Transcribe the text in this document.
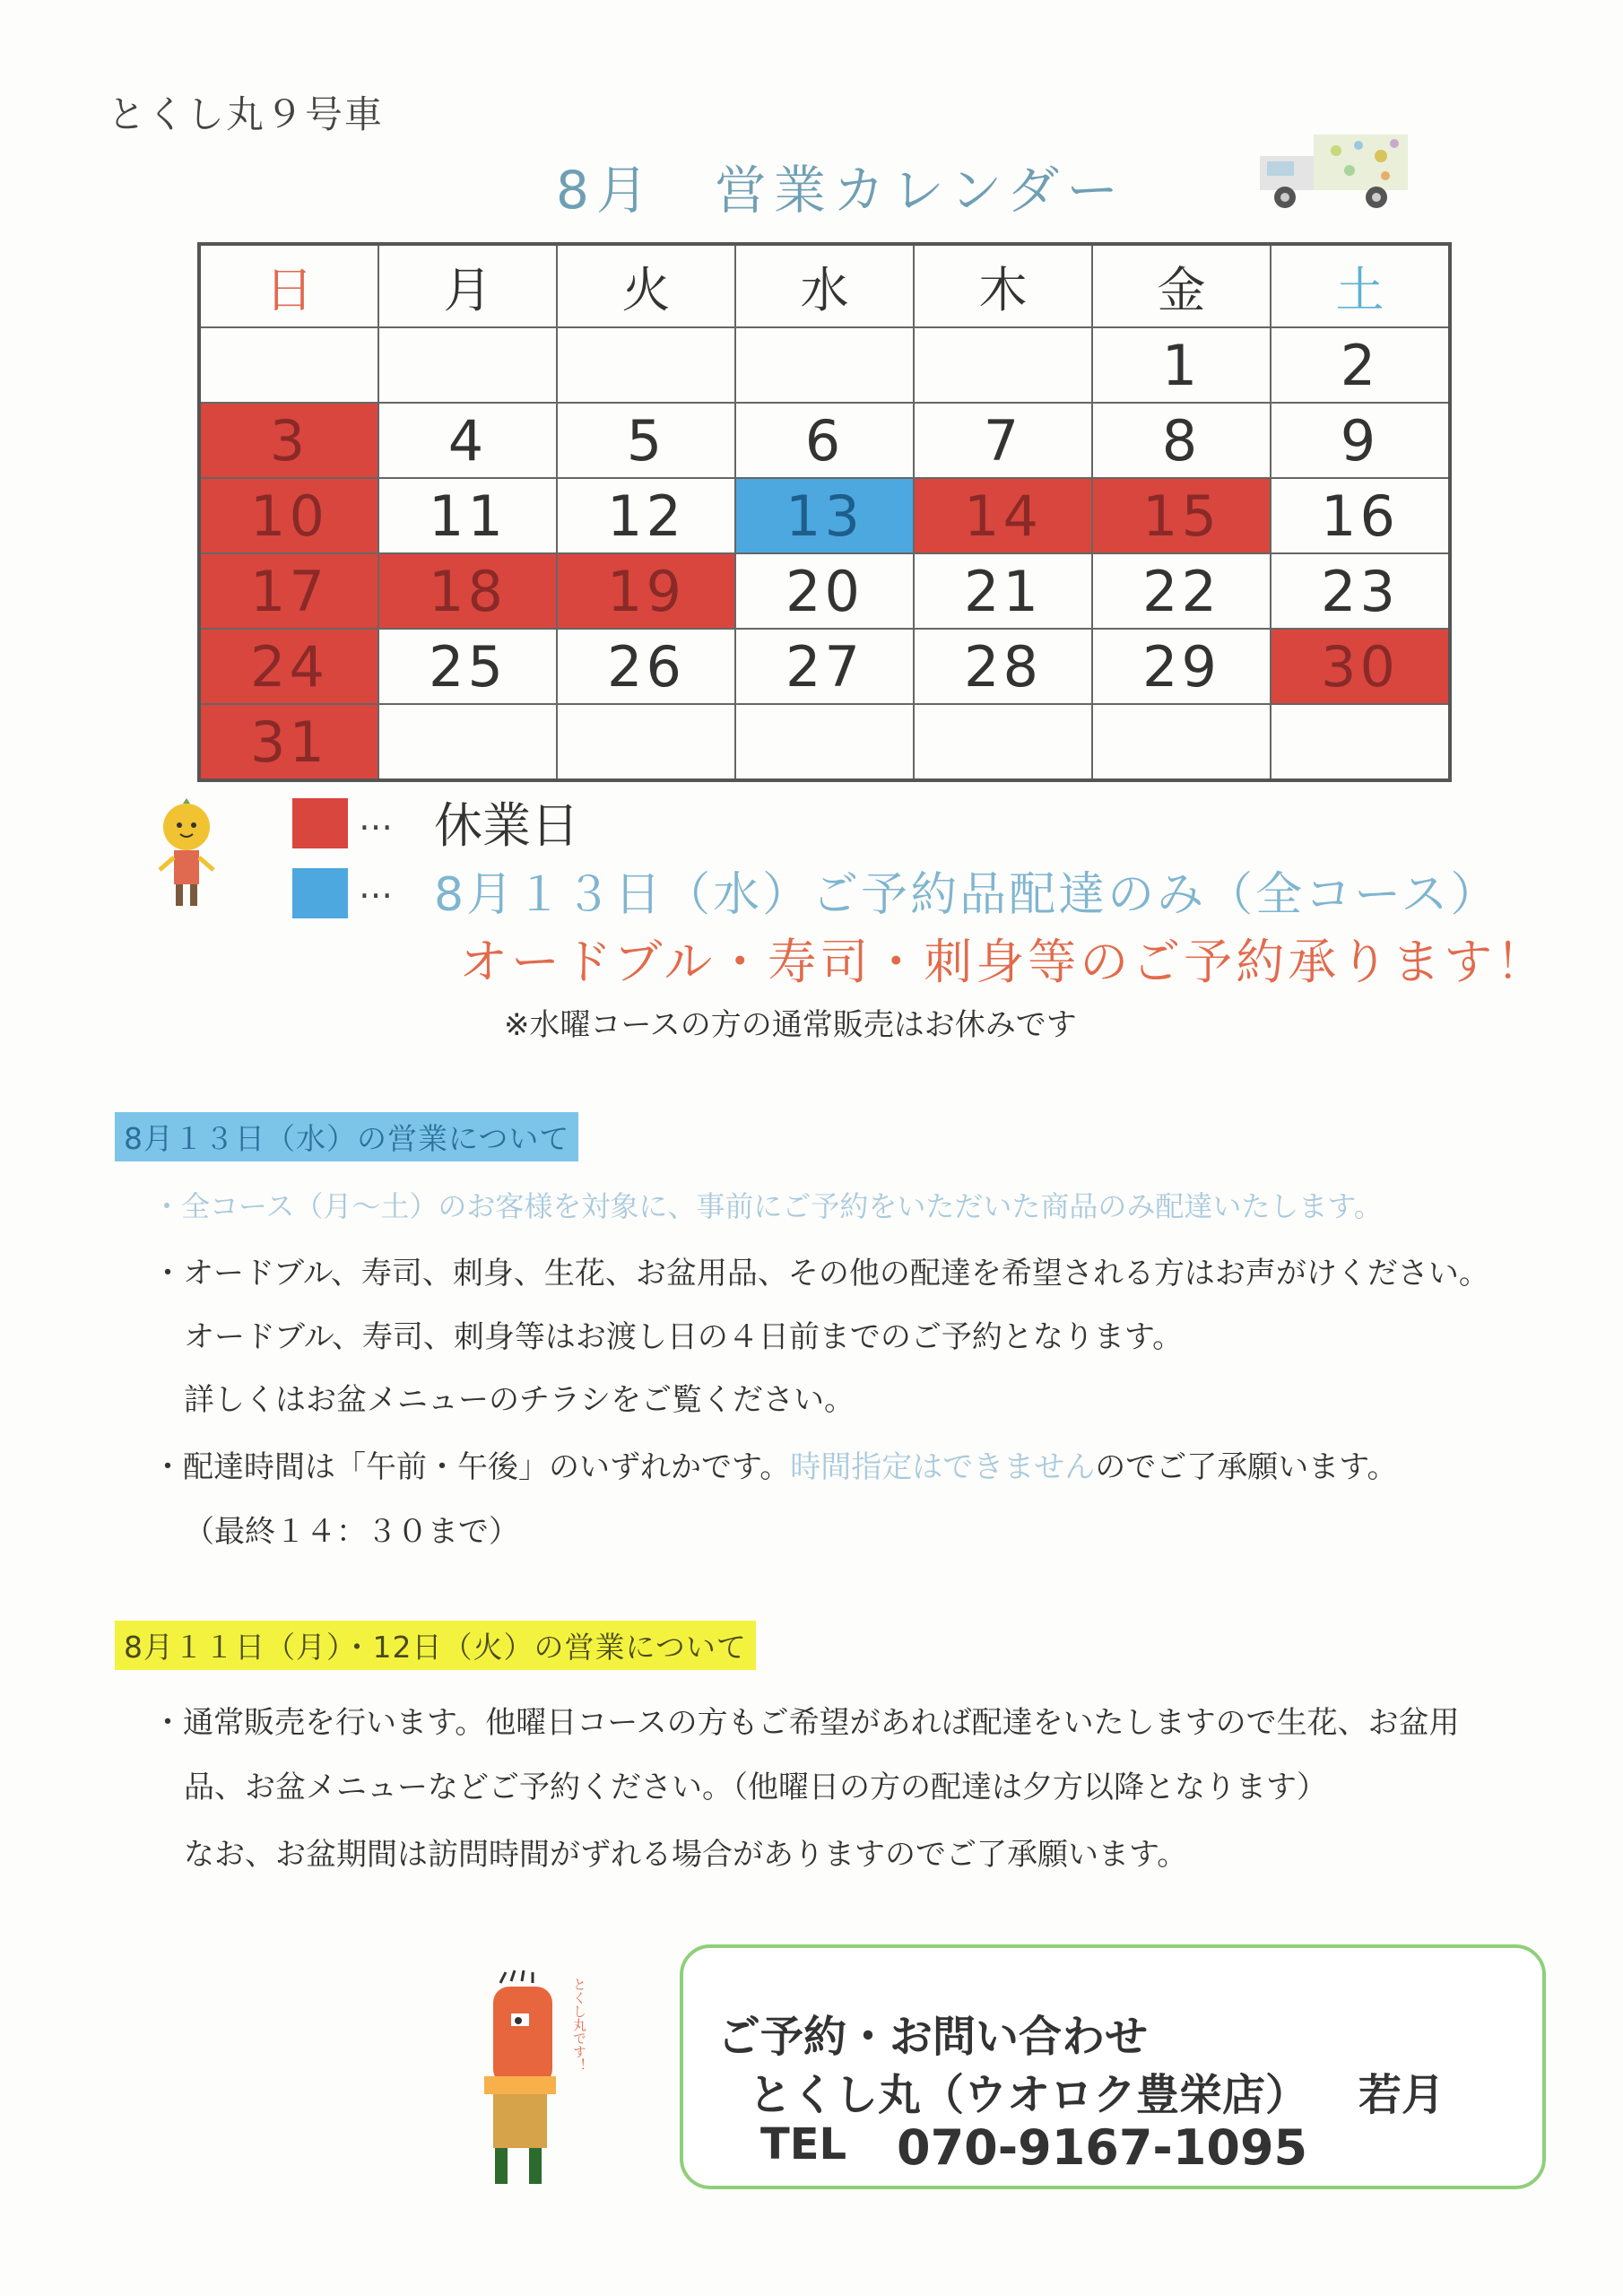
とくし丸９号車
8月　営業カレンダー
日	月	火	水	木	金	土
					1	2
3	4	5	6	7	8	9
10	11	12	13	14	15	16
17	18	19	20	21	22	23
24	25	26	27	28	29	30
31						
… 休業日
… 8月１３日（水）ご予約品配達のみ（全コース）
オードブル・寿司・刺身等のご予約承ります！
※水曜コースの方の通常販売はお休みです
8月１３日（水）の営業について
・全コース（月～土）のお客様を対象に、事前にご予約をいただいた商品のみ配達いたします。
・オードブル、寿司、刺身、生花、お盆用品、その他の配達を希望される方はお声がけください。
オードブル、寿司、刺身等はお渡し日の４日前までのご予約となります。
詳しくはお盆メニューのチラシをご覧ください。
・配達時間は「午前・午後」のいずれかです。時間指定はできませんのでご了承願います。
（最終１４：３０まで）
8月１１日（月）・12日（火）の営業について
・通常販売を行います。他曜日コースの方もご希望があれば配達をいたしますので生花、お盆用
品、お盆メニューなどご予約ください。（他曜日の方の配達は夕方以降となります）
なお、お盆期間は訪問時間がずれる場合がありますのでご了承願います。
とくし丸です！	ご予約・お問い合わせ
とくし丸（ウオロク豊栄店） 若月
TEL 070-9167-1095
